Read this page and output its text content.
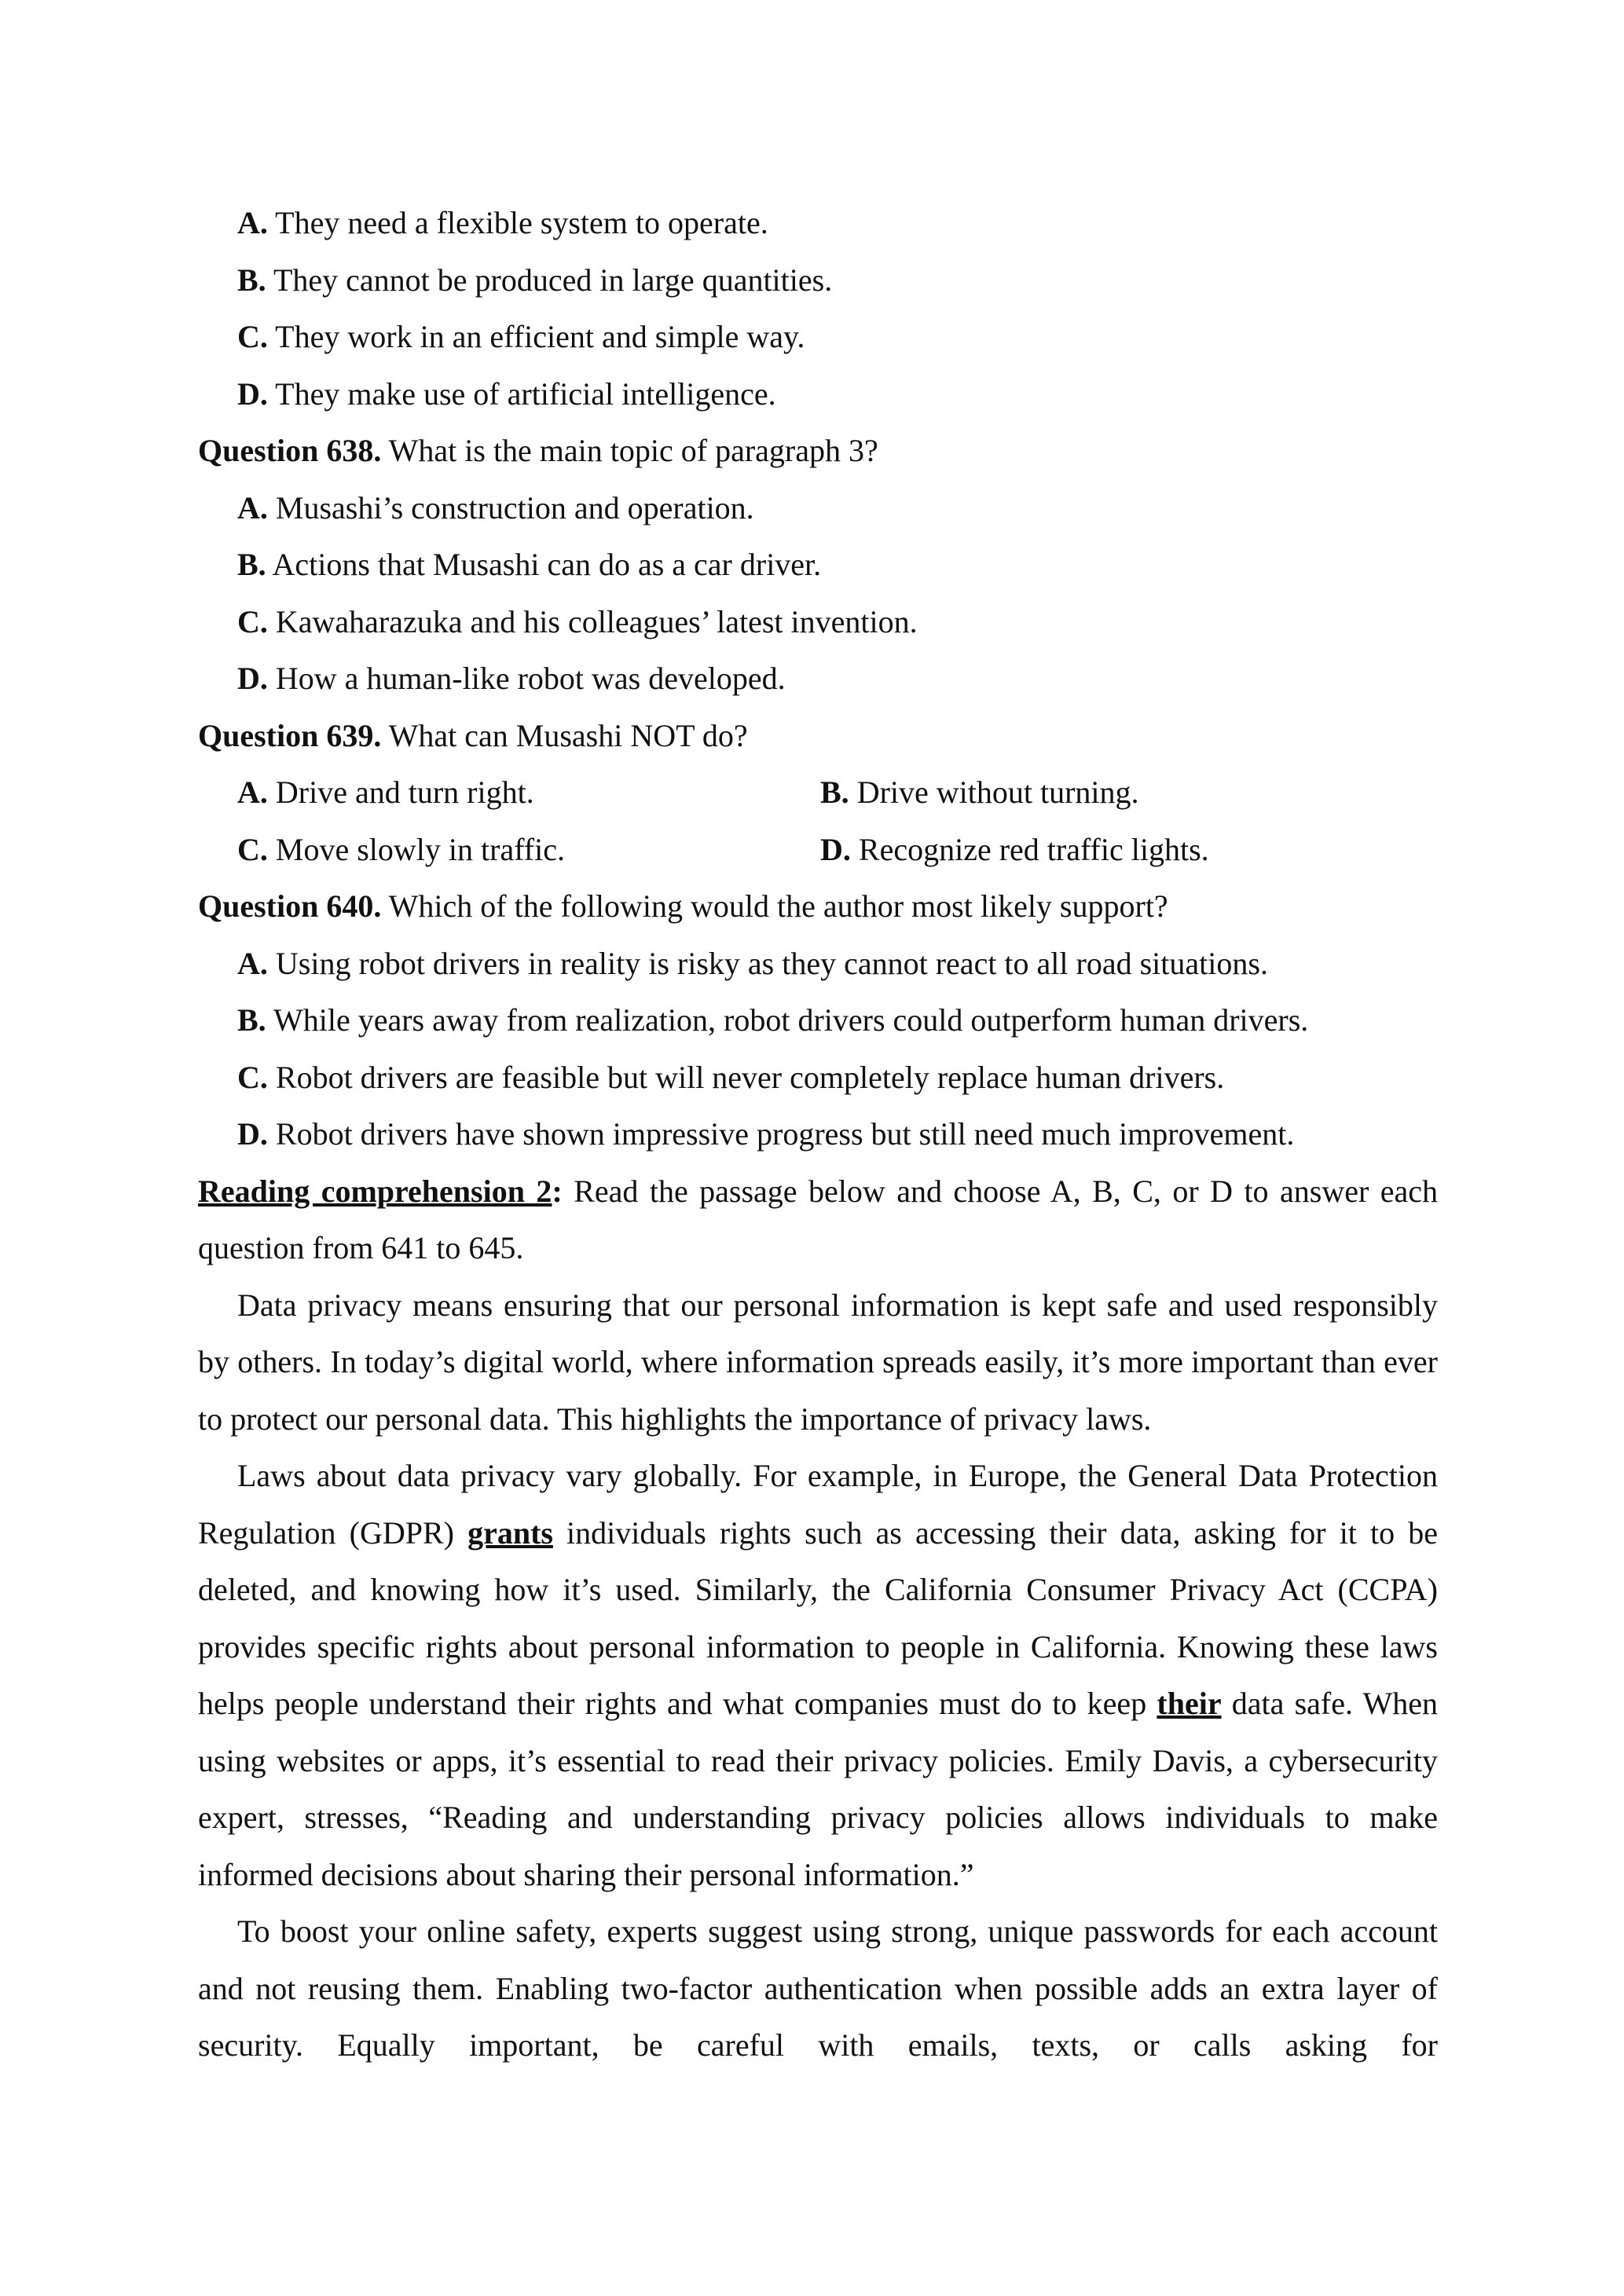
A. They need a flexible system to operate.
B. They cannot be produced in large quantities.
C. They work in an efficient and simple way.
D. They make use of artificial intelligence.
Question 638. What is the main topic of paragraph 3?
A. Musashi’s construction and operation.
B. Actions that Musashi can do as a car driver.
C. Kawaharazuka and his colleagues’ latest invention.
D. How a human-like robot was developed.
Question 639. What can Musashi NOT do?
A. Drive and turn right.	B. Drive without turning.
C. Move slowly in traffic.	D. Recognize red traffic lights.
Question 640. Which of the following would the author most likely support?
A. Using robot drivers in reality is risky as they cannot react to all road situations.
B. While years away from realization, robot drivers could outperform human drivers.
C. Robot drivers are feasible but will never completely replace human drivers.
D. Robot drivers have shown impressive progress but still need much improvement.

Reading comprehension 2: Read the passage below and choose A, B, C, or D to answer each question from 641 to 645.

Data privacy means ensuring that our personal information is kept safe and used responsibly by others. In today’s digital world, where information spreads easily, it’s more important than ever to protect our personal data. This highlights the importance of privacy laws.

Laws about data privacy vary globally. For example, in Europe, the General Data Protection Regulation (GDPR) grants individuals rights such as accessing their data, asking for it to be deleted, and knowing how it’s used. Similarly, the California Consumer Privacy Act (CCPA) provides specific rights about personal information to people in California. Knowing these laws helps people understand their rights and what companies must do to keep their data safe. When using websites or apps, it’s essential to read their privacy policies. Emily Davis, a cybersecurity expert, stresses, “Reading and understanding privacy policies allows individuals to make informed decisions about sharing their personal information.”

To boost your online safety, experts suggest using strong, unique passwords for each account and not reusing them. Enabling two-factor authentication when possible adds an extra layer of security. Equally important, be careful with emails, texts, or calls asking for
